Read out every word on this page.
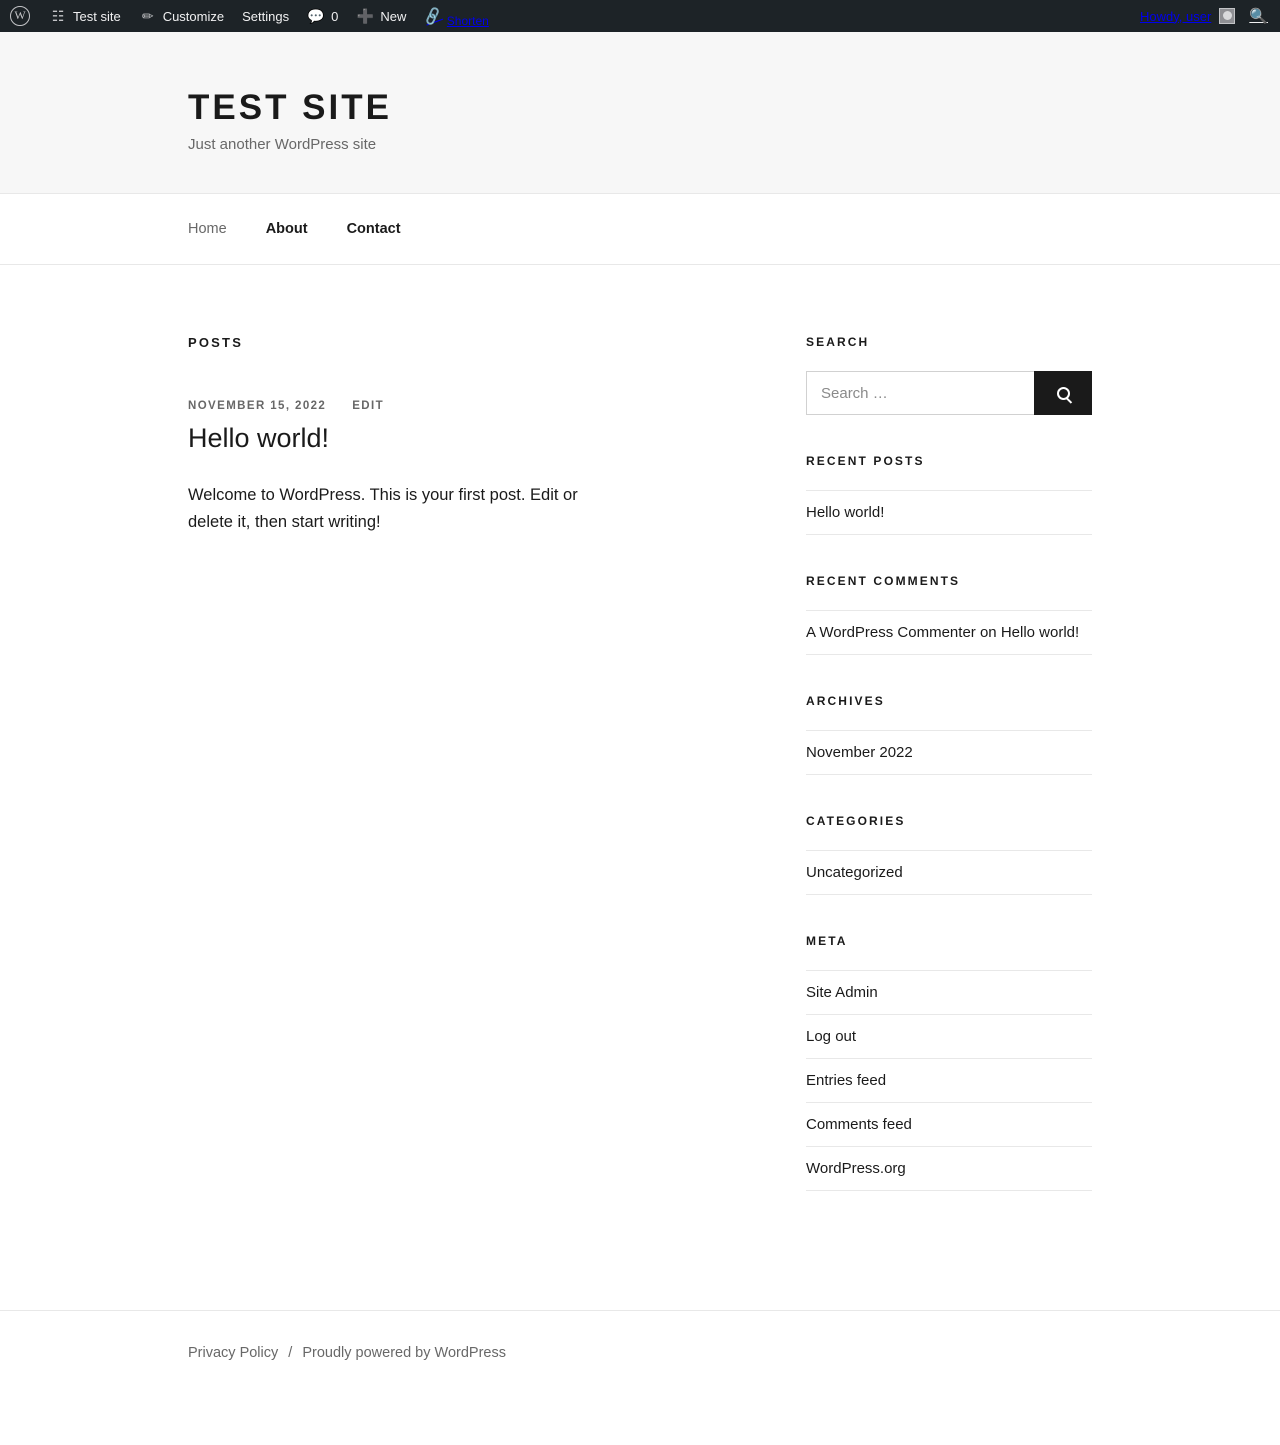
W
☷ Test site ✏ Customize Settings 💬 0 ➕ New 🔗 Shorten	Howdy, user	🔍
TEST SITE

Just another WordPress site

Home	About	Contact
POSTS
NOVEMBER 15, 2022 EDIT
Hello world!

Welcome to WordPress. This is your first post. Edit or delete it, then start writing!

SEARCH
Search …
RECENT POSTS
Hello world!
RECENT COMMENTS
A WordPress Commenter on Hello world!
ARCHIVES
November 2022
CATEGORIES
Uncategorized
META
Site Admin
Log out
Entries feed
Comments feed
WordPress.org
Privacy Policy / Proudly powered by WordPress
